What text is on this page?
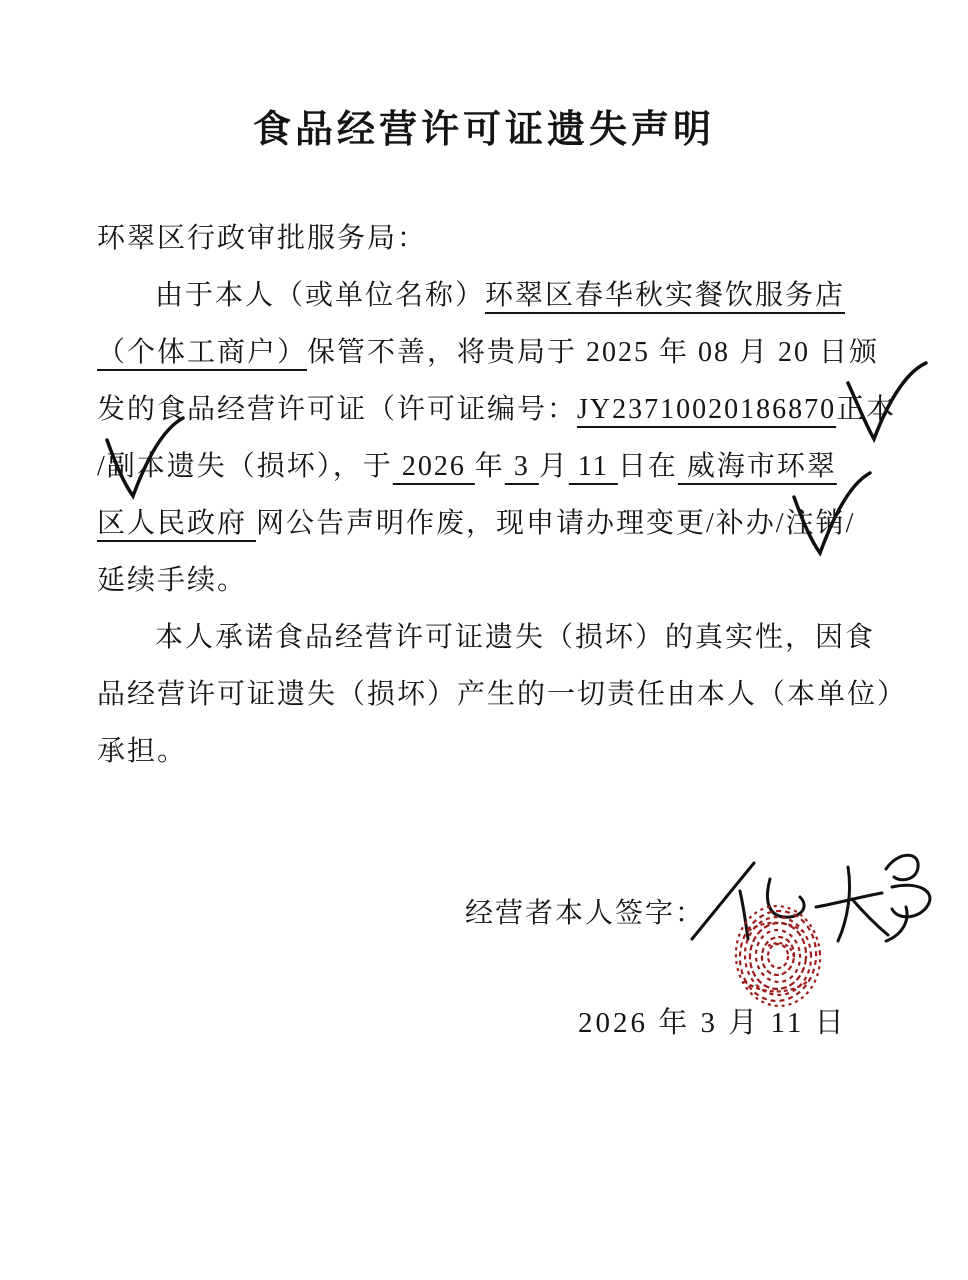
食品经营许可证遗失声明
环翠区行政审批服务局：
由于本人（或单位名称）环翠区春华秋实餐饮服务店
（个体工商户）保管不善，将贵局于 2025 年 08 月 20 日颁
发的食品经营许可证（许可证编号：JY23710020186870正本
/副本
遗失（损坏），于 2026 年 3 月 11 日在 威海市环翠
区人民政府 网公告声明作废，现申请办理变更/补办/注销
/
延续手续。
本人承诺食品经营许可证遗失（损坏）的真实性，因食
品经营许可证遗失（损坏）产生的一切责任由本人（本单位）
承担。
经营者本人签字：
2026 年 3 月 11 日
